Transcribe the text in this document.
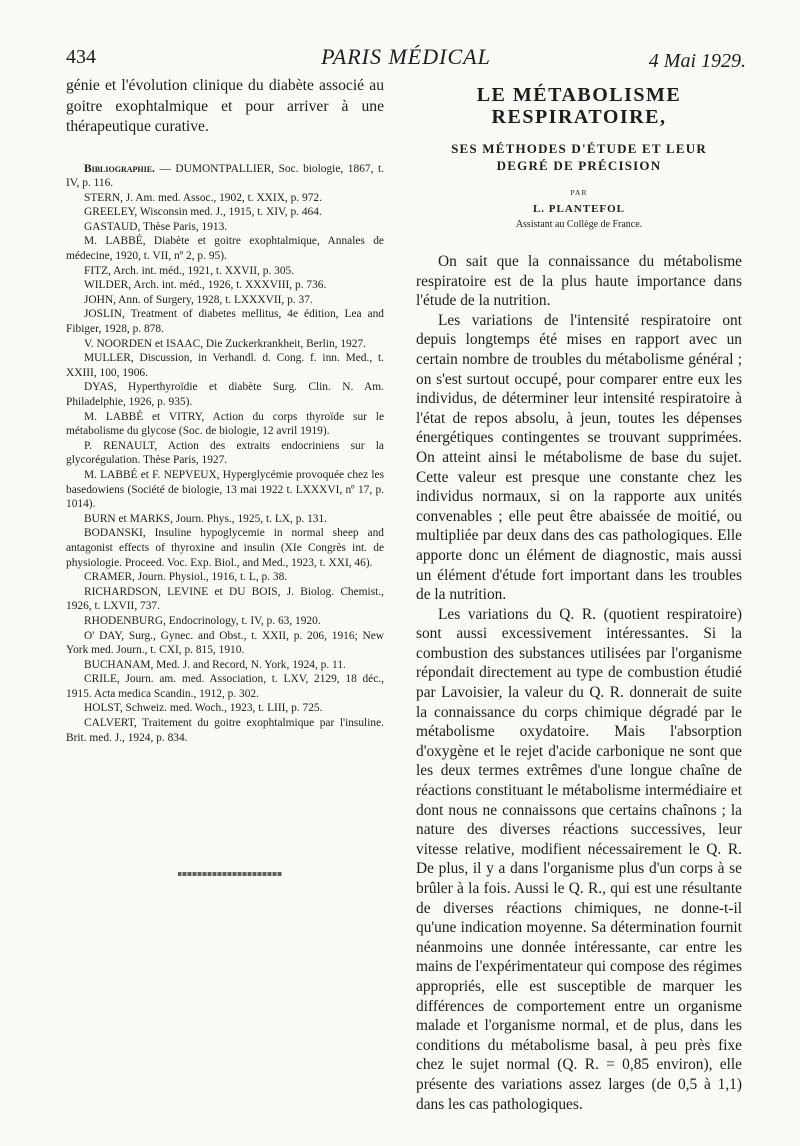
434	PARIS MÉDICAL	4 Mai 1929.

génie et l'évolution clinique du diabète associé au goitre exophtalmique et pour arriver à une thérapeutique curative.

Bibliographie. — DUMONTPALLIER, Soc. biologie, 1867, t. IV, p. 116.

STERN, J. Am. med. Assoc., 1902, t. XXIX, p. 972.

GREELEY, Wisconsin med. J., 1915, t. XIV, p. 464.

GASTAUD, Thèse Paris, 1913.

M. LABBÉ, Diabète et goitre exophtalmique, Annales de médecine, 1920, t. VII, nº 2, p. 95).

FITZ, Arch. int. méd., 1921, t. XXVII, p. 305.

WILDER, Arch. int. méd., 1926, t. XXXVIII, p. 736.

JOHN, Ann. of Surgery, 1928, t. LXXXVII, p. 37.

JOSLIN, Treatment of diabetes mellitus, 4e édition, Lea and Fibiger, 1928, p. 878.

V. NOORDEN et ISAAC, Die Zuckerkrankheit, Berlin, 1927.

MULLER, Discussion, in Verhandl. d. Cong. f. inn. Med., t. XXIII, 100, 1906.

DYAS, Hyperthyroïdie et diabète Surg. Clin. N. Am. Philadelphie, 1926, p. 935).

M. LABBÉ et VITRY, Action du corps thyroïde sur le métabolisme du glycose (Soc. de biologie, 12 avril 1919).

P. RENAULT, Action des extraits endocriniens sur la glycorégulation. Thèse Paris, 1927.

M. LABBÉ et F. NEPVEUX, Hyperglycémie provoquée chez les basedowiens (Société de biologie, 13 mai 1922 t. LXXXVI, nº 17, p. 1014).

BURN et MARKS, Journ. Phys., 1925, t. LX, p. 131.

BODANSKI, Insuline hypoglycemie in normal sheep and antagonist effects of thyroxine and insulin (XIe Congrès int. de physiologie. Proceed. Voc. Exp. Biol., and Med., 1923, t. XXI, 46).

CRAMER, Journ. Physiol., 1916, t. L, p. 38.

RICHARDSON, LEVINE et DU BOIS, J. Biolog. Chemist., 1926, t. LXVII, 737.

RHODENBURG, Endocrinology, t. IV, p. 63, 1920.

O' DAY, Surg., Gynec. and Obst., t. XXII, p. 206, 1916; New York med. Journ., t. CXI, p. 815, 1910.

BUCHANAM, Med. J. and Record, N. York, 1924, p. 11.

CRILE, Journ. am. med. Association, t. LXV, 2129, 18 déc., 1915. Acta medica Scandin., 1912, p. 302.

HOLST, Schweiz. med. Woch., 1923, t. LIII, p. 725.

CALVERT, Traitement du goitre exophtalmique par l'insuline. Brit. med. J., 1924, p. 834.

LE MÉTABOLISME
RESPIRATOIRE,
SES MÉTHODES D'ÉTUDE ET LEUR
DEGRÉ DE PRÉCISION
PAR
L. PLANTEFOL
Assistant au Collège de France.

On sait que la connaissance du métabolisme respiratoire est de la plus haute importance dans l'étude de la nutrition.

Les variations de l'intensité respiratoire ont depuis longtemps été mises en rapport avec un certain nombre de troubles du métabolisme général ; on s'est surtout occupé, pour comparer entre eux les individus, de déterminer leur intensité respiratoire à l'état de repos absolu, à jeun, toutes les dépenses énergétiques contingentes se trouvant supprimées. On atteint ainsi le métabolisme de base du sujet. Cette valeur est presque une constante chez les individus normaux, si on la rapporte aux unités convenables ; elle peut être abaissée de moitié, ou multipliée par deux dans des cas pathologiques. Elle apporte donc un élément de diagnostic, mais aussi un élément d'étude fort important dans les troubles de la nutrition.

Les variations du Q. R. (quotient respiratoire) sont aussi excessivement intéressantes. Si la combustion des substances utilisées par l'organisme répondait directement au type de combustion étudié par Lavoisier, la valeur du Q. R. donnerait de suite la connaissance du corps chimique dégradé par le métabolisme oxydatoire. Mais l'absorption d'oxygène et le rejet d'acide carbonique ne sont que les deux termes extrêmes d'une longue chaîne de réactions constituant le métabolisme intermédiaire et dont nous ne connaissons que certains chaînons ; la nature des diverses réactions successives, leur vitesse relative, modifient nécessairement le Q. R. De plus, il y a dans l'organisme plus d'un corps à se brûler à la fois. Aussi le Q. R., qui est une résultante de diverses réactions chimiques, ne donne-t-il qu'une indication moyenne. Sa détermination fournit néanmoins une donnée intéressante, car entre les mains de l'expérimentateur qui compose des régimes appropriés, elle est susceptible de marquer les différences de comportement entre un organisme malade et l'organisme normal, et de plus, dans les conditions du métabolisme basal, à peu près fixe chez le sujet normal (Q. R. = 0,85 environ), elle présente des variations assez larges (de 0,5 à 1,1) dans les cas pathologiques.
